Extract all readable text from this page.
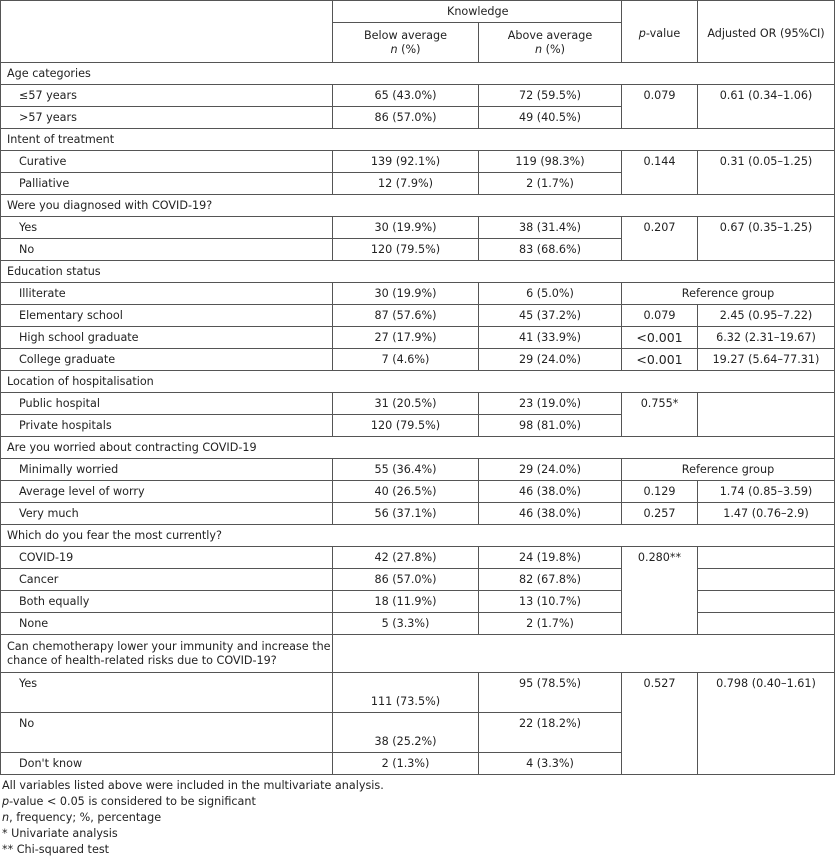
	Knowledge			

	Below average
n (%)	Above average
n (%)	p-value	Adjusted OR (95%CI)
Age categories				
≤57 years	65 (43.0%)	72 (59.5%)	0.079	0.61 (0.34–1.06)
>57 years	86 (57.0%)	49 (40.5%)		
Intent of treatment				
Curative	139 (92.1%)	119 (98.3%)	0.144	0.31 (0.05–1.25)
Palliative	12 (7.9%)	2 (1.7%)		
Were you diagnosed with COVID-19?				
Yes	30 (19.9%)	38 (31.4%)	0.207	0.67 (0.35–1.25)
No	120 (79.5%)	83 (68.6%)		
Education status				
Illiterate	30 (19.9%)	6 (5.0%)	Reference group	
Elementary school	87 (57.6%)	45 (37.2%)	0.079	2.45 (0.95–7.22)
High school graduate	27 (17.9%)	41 (33.9%)	<0.001	6.32 (2.31–19.67)
College graduate	7 (4.6%)	29 (24.0%)	<0.001	19.27 (5.64–77.31)
Location of hospitalisation				
Public hospital	31 (20.5%)	23 (19.0%)	0.755*	
Private hospitals	120 (79.5%)	98 (81.0%)		
Are you worried about contracting COVID-19				
Minimally worried	55 (36.4%)	29 (24.0%)	Reference group	
Average level of worry	40 (26.5%)	46 (38.0%)	0.129	1.74 (0.85–3.59)
Very much	56 (37.1%)	46 (38.0%)	0.257	1.47 (0.76–2.9)
Which do you fear the most currently?				
COVID-19	42 (27.8%)	24 (19.8%)	0.280**	
Cancer	86 (57.0%)	82 (67.8%)		
Both equally	18 (11.9%)	13 (10.7%)		
None	5 (3.3%)	2 (1.7%)		

Can chemotherapy lower your immunity and increase the
chance of health-related risks due to COVID-19?				

Yes	111 (73.5%)	95 (78.5%)	0.527	0.798 (0.40–1.61)
No	38 (25.2%)	22 (18.2%)		
Don't know	2 (1.3%)	4 (3.3%)		
All variables listed above were included in the multivariate analysis.
p-value < 0.05 is considered to be significant
n, frequency; %, percentage
* Univariate analysis
** Chi-squared test
